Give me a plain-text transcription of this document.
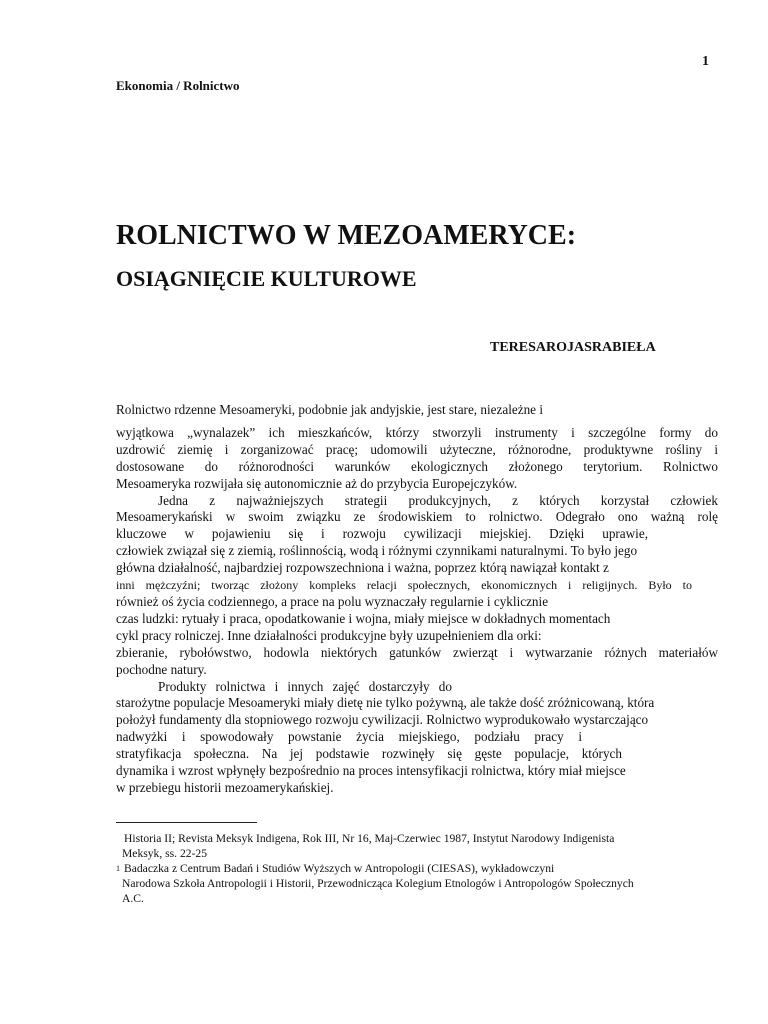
1
Ekonomia / Rolnictwo
ROLNICTWO W MEZOAMERYCE:
OSIĄGNIĘCIE KULTUROWE
TERESAROJASRABIEŁA
Rolnictwo rdzenne Mesoameryki, podobnie jak andyjskie, jest stare, niezależne i
wyjątkowa „wynalazek” ich mieszkańców, którzy stworzyli instrumenty i szczególne formy do
uzdrowić ziemię i zorganizować pracę; udomowili użyteczne, różnorodne, produktywne rośliny i
dostosowane do różnorodności warunków ekologicznych złożonego terytorium. Rolnictwo
Mesoameryka rozwijała się autonomicznie aż do przybycia Europejczyków.
Jedna z najważniejszych strategii produkcyjnych, z których korzystał człowiek
Mesoamerykański w swoim związku ze środowiskiem to rolnictwo. Odegrało ono ważną rolę
kluczowe w pojawieniu się i rozwoju cywilizacji miejskiej. Dzięki uprawie,
człowiek związał się z ziemią, roślinnością, wodą i różnymi czynnikami naturalnymi. To było jego
główna działalność, najbardziej rozpowszechniona i ważna, poprzez którą nawiązał kontakt z
inni mężczyźni; tworząc złożony kompleks relacji społecznych, ekonomicznych i religijnych. Było to
również oś życia codziennego, a prace na polu wyznaczały regularnie i cyklicznie
czas ludzki: rytuały i praca, opodatkowanie i wojna, miały miejsce w dokładnych momentach
cykl pracy rolniczej. Inne działalności produkcyjne były uzupełnieniem dla orki:
zbieranie, rybołówstwo, hodowla niektórych gatunków zwierząt i wytwarzanie różnych materiałów
pochodne natury.
Produkty rolnictwa i innych zajęć dostarczyły do
starożytne populacje Mesoameryki miały dietę nie tylko pożywną, ale także dość zróżnicowaną, która
położył fundamenty dla stopniowego rozwoju cywilizacji. Rolnictwo wyprodukowało wystarczająco
nadwyżki i spowodowały powstanie życia miejskiego, podziału pracy i
stratyfikacja społeczna. Na jej podstawie rozwinęły się gęste populacje, których
dynamika i wzrost wpłynęły bezpośrednio na proces intensyfikacji rolnictwa, który miał miejsce
w przebiegu historii mezoamerykańskiej.
Historia II; Revista Meksyk Indigena, Rok III, Nr 16, Maj-Czerwiec 1987, Instytut Narodowy Indigenista
Meksyk, ss. 22-25
1 Badaczka z Centrum Badań i Studiów Wyższych w Antropologii (CIESAS), wykładowczyni
Narodowa Szkoła Antropologii i Historii, Przewodnicząca Kolegium Etnologów i Antropologów Społecznych
A.C.
